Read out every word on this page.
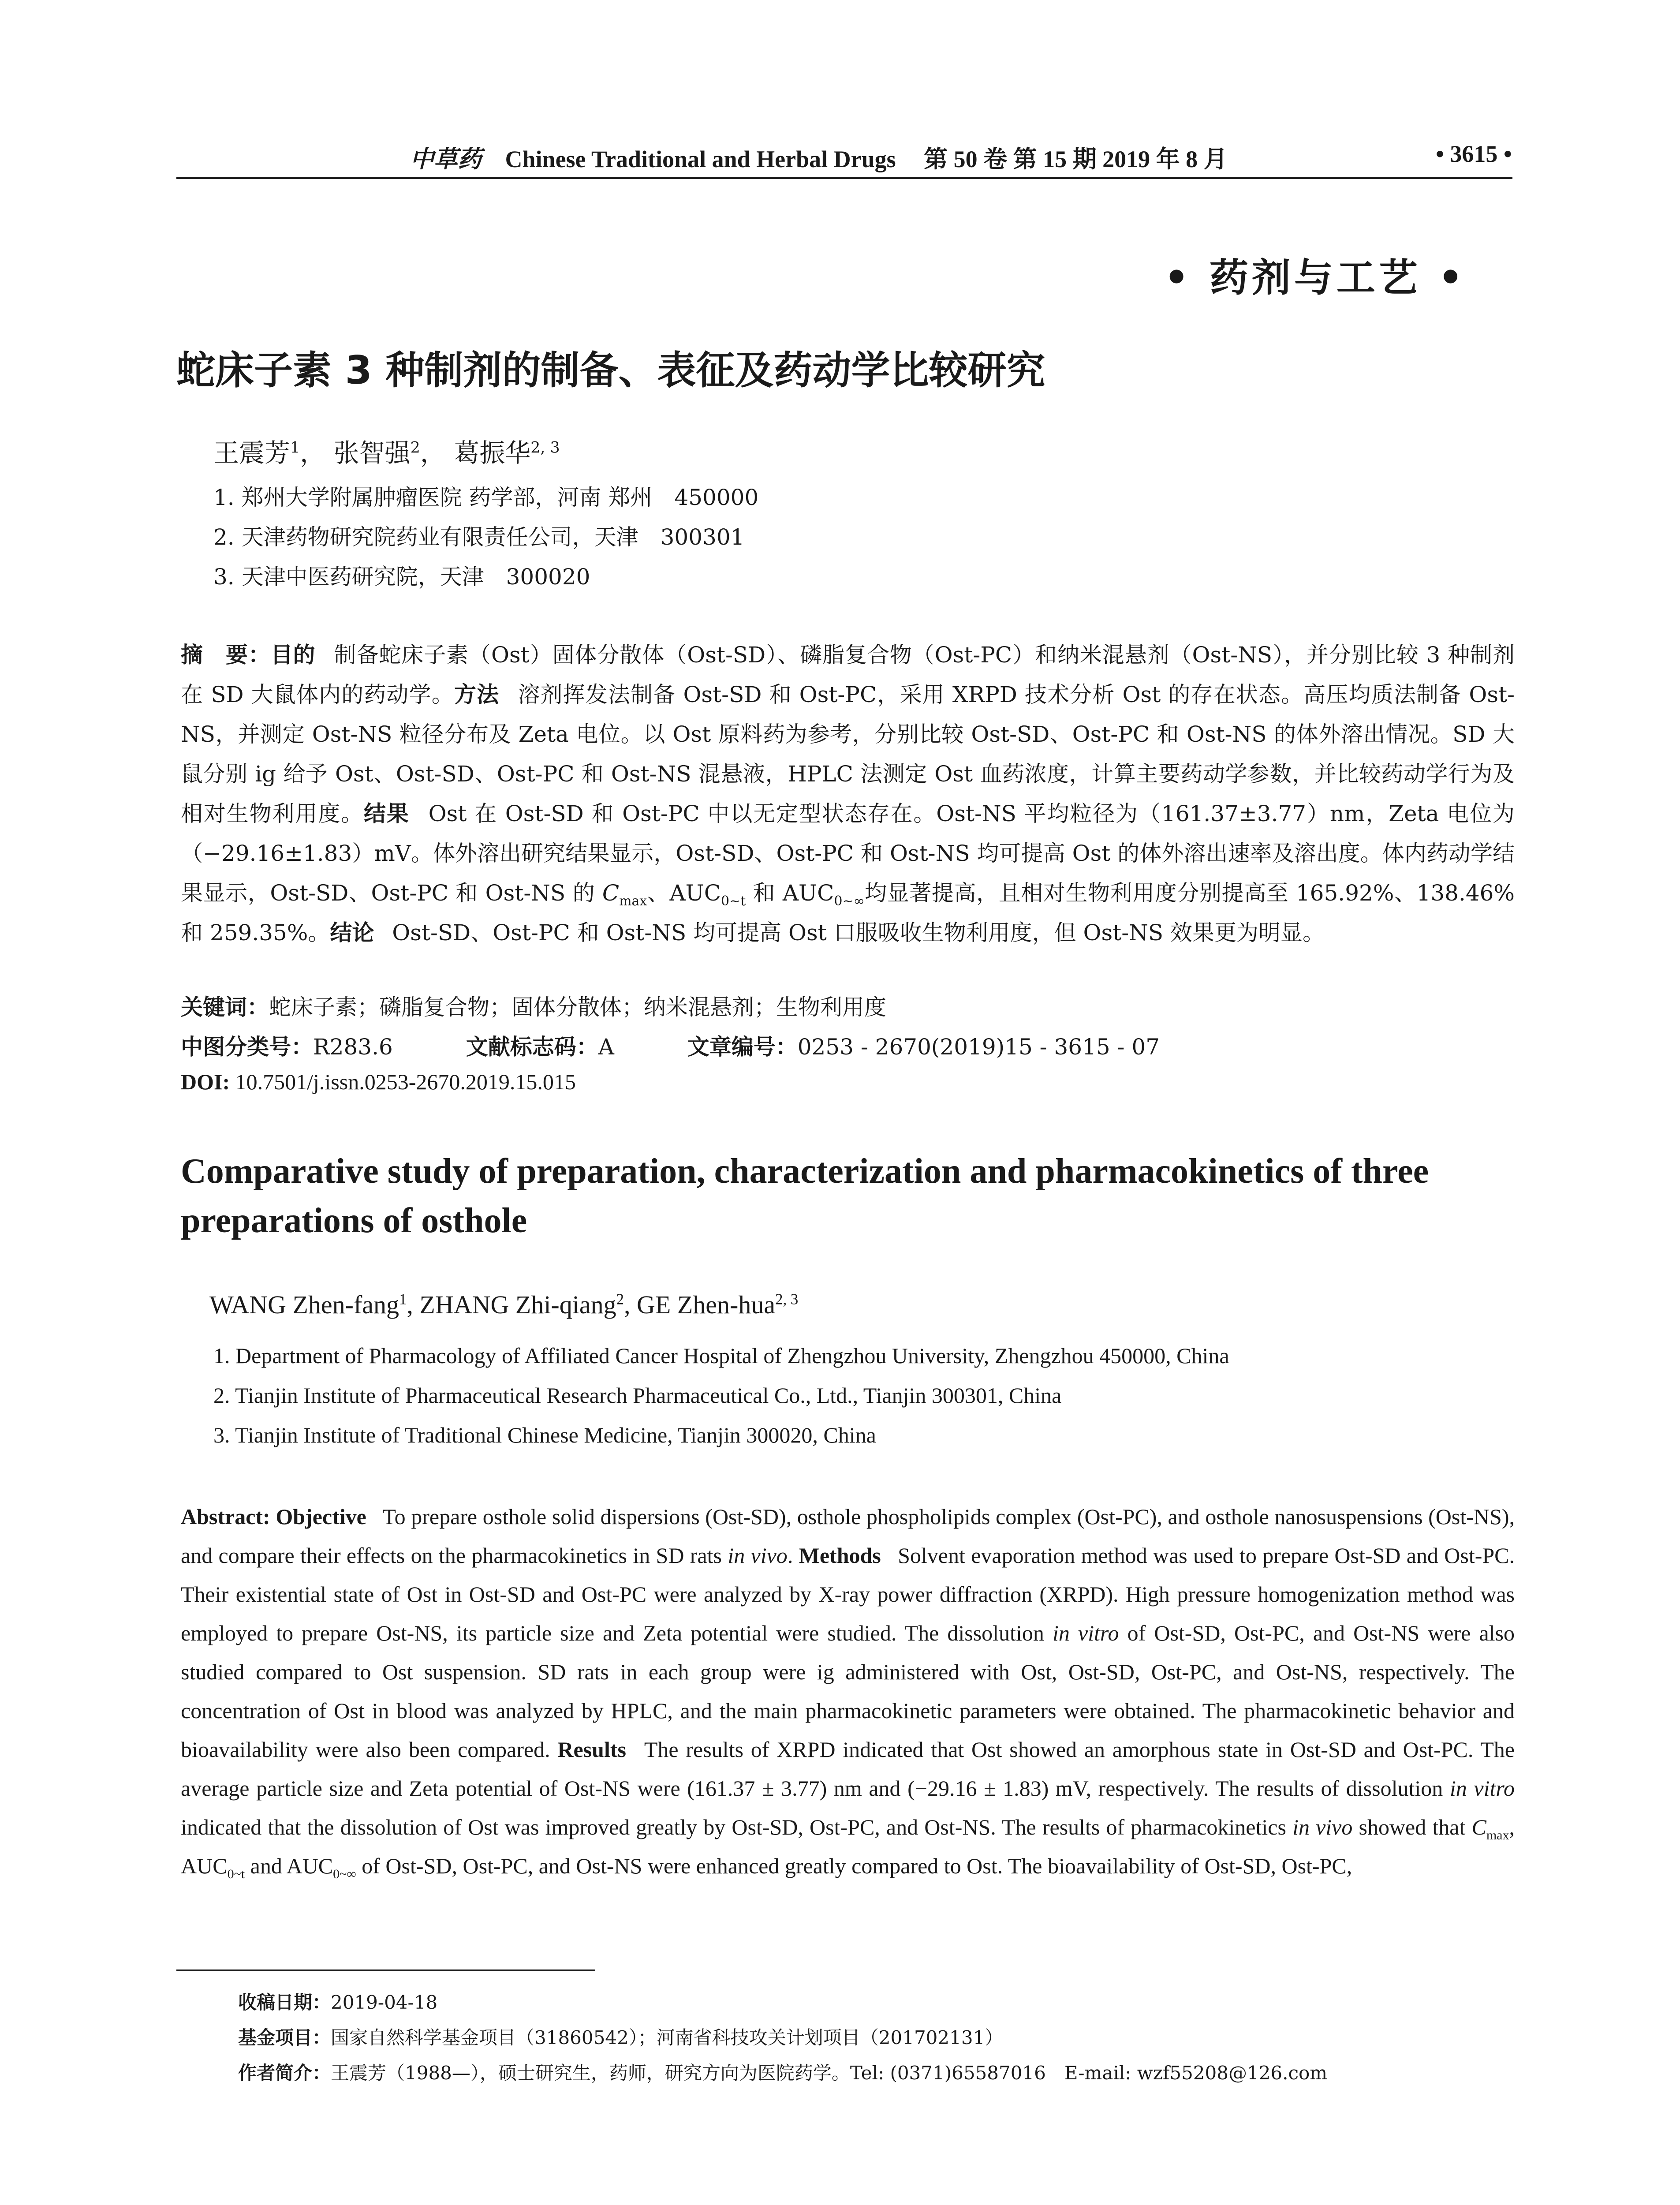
中草药 Chinese Traditional and Herbal Drugs 第 50 卷 第 15 期 2019 年 8 月	• 3615 •
• 药剂与工艺 •
蛇床子素 3 种制剂的制备、表征及药动学比较研究
王震芳$^1$， 张智强$^2$， 葛振华$^{2, 3}$
1. 郑州大学附属肿瘤医院 药学部，河南 郑州　450000
2. 天津药物研究院药业有限责任公司，天津　300301
3. 天津中医药研究院，天津　300020
摘　要：目的  制备蛇床子素（Ost）固体分散体（Ost-SD）、磷脂复合物（Ost-PC）和纳米混悬剂（Ost-NS），并分别比较 3 种制剂在 SD 大鼠体内的药动学。方法  溶剂挥发法制备 Ost-SD 和 Ost-PC，采用 XRPD 技术分析 Ost 的存在状态。高压均质法制备 Ost-NS，并测定 Ost-NS 粒径分布及 Zeta 电位。以 Ost 原料药为参考，分别比较 Ost-SD、Ost-PC 和 Ost-NS 的体外溶出情况。SD 大鼠分别 ig 给予 Ost、Ost-SD、Ost-PC 和 Ost-NS 混悬液，HPLC 法测定 Ost 血药浓度，计算主要药动学参数，并比较药动学行为及相对生物利用度。结果  Ost 在 Ost-SD 和 Ost-PC 中以无定型状态存在。Ost-NS 平均粒径为（161.37±3.77）nm，Zeta 电位为（−29.16±1.83）mV。体外溶出研究结果显示，Ost-SD、Ost-PC 和 Ost-NS 均可提高 Ost 的体外溶出速率及溶出度。体内药动学结果显示，Ost-SD、Ost-PC 和 Ost-NS 的 $C_{max}$、$AUC_{0\sim t}$ 和 $AUC_{0\sim\infty}$均显著提高，且相对生物利用度分别提高至 165.92%、138.46%和 259.35%。结论  Ost-SD、Ost-PC 和 Ost-NS 均可提高 Ost 口服吸收生物利用度，但 Ost-NS 效果更为明显。
关键词：蛇床子素；磷脂复合物；固体分散体；纳米混悬剂；生物利用度
中图分类号：R283.6	文献标志码：A	文章编号：0253 - 2670(2019)15 - 3615 - 07
DOI: 10.7501/j.issn.0253-2670.2019.15.015
Comparative study of preparation, characterization and pharmacokinetics of three preparations of osthole
WANG Zhen-fang$^1$, ZHANG Zhi-qiang$^2$, GE Zhen-hua$^{2, 3}$
1. Department of Pharmacology of Affiliated Cancer Hospital of Zhengzhou University, Zhengzhou 450000, China
2. Tianjin Institute of Pharmaceutical Research Pharmaceutical Co., Ltd., Tianjin 300301, China
3. Tianjin Institute of Traditional Chinese Medicine, Tianjin 300020, China
Abstract: Objective  To prepare osthole solid dispersions (Ost-SD), osthole phospholipids complex (Ost-PC), and osthole nanosuspensions (Ost-NS), and compare their effects on the pharmacokinetics in SD rats in vivo. Methods  Solvent evaporation method was used to prepare Ost-SD and Ost-PC. Their existential state of Ost in Ost-SD and Ost-PC were analyzed by X-ray power diffraction (XRPD). High pressure homogenization method was employed to prepare Ost-NS, its particle size and Zeta potential were studied. The dissolution in vitro of Ost-SD, Ost-PC, and Ost-NS were also studied compared to Ost suspension. SD rats in each group were ig administered with Ost, Ost-SD, Ost-PC, and Ost-NS, respectively. The concentration of Ost in blood was analyzed by HPLC, and the main pharmacokinetic parameters were obtained. The pharmacokinetic behavior and bioavailability were also been compared. Results  The results of XRPD indicated that Ost showed an amorphous state in Ost-SD and Ost-PC. The average particle size and Zeta potential of Ost-NS were (161.37 ± 3.77) nm and (−29.16 ± 1.83) mV, respectively. The results of dissolution in vitro indicated that the dissolution of Ost was improved greatly by Ost-SD, Ost-PC, and Ost-NS. The results of pharmacokinetics in vivo showed that $C_{max}$, $AUC_{0\sim t}$ and $AUC_{0\sim\infty}$ of Ost-SD, Ost-PC, and Ost-NS were enhanced greatly compared to Ost. The bioavailability of Ost-SD, Ost-PC,
收稿日期：2019-04-18
基金项目：国家自然科学基金项目（31860542）；河南省科技攻关计划项目（201702131）
作者简介：王震芳（1988—），硕士研究生，药师，研究方向为医院药学。Tel: (0371)65587016　E-mail: wzf55208@126.com
